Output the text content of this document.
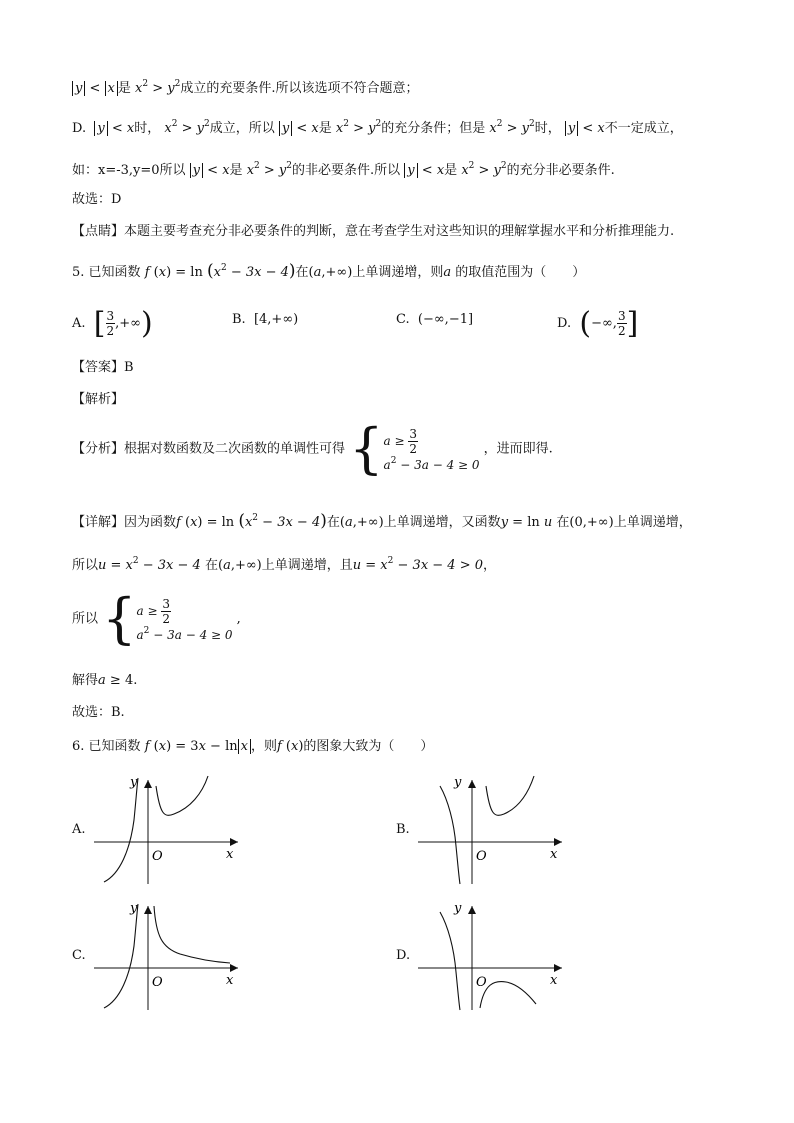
y < x 是 $x^2 > y^2$成立的充要条件.所以该选项不符合题意；
D. y < x时， $x^2 > y^2$成立，所以 y < x是 $x^2 > y^2$的充分条件；但是 $x^2 > y^2$时， y < x不一定成立，
如：x=-3,y=0所以 y < x是 $x^2 > y^2$的非必要条件.所以 y < x是 $x^2 > y^2$的充分非必要条件.
故选：D
【点睛】本题主要考查充分非必要条件的判断，意在考查学生对这些知识的理解掌握水平和分析推理能力.
5. 已知函数 f $(x) = \ln (x^2 - 3x - 4)$在(a,+∞)上单调递增，则a 的取值范围为（　　）
A. [ $\frac{3}{2}$ ,+∞)	B. [4,+∞)	C. (−∞,−1]	D. (−∞, $\frac{3}{2}$ ]
【答案】B
【解析】
【分析】根据对数函数及二次函数的单调性可得 {$a \ge \frac{3}{2}$

$a^2 - 3a - 4 \ge 0$ ，进而即得.
【详解】因为函数f $(x) = \ln (x^2 - 3x - 4)$在(a,+∞)上单调递增，又函数y = ln u 在(0,+∞)上单调递增，
所以$u = x^2 - 3x - 4$ 在(a,+∞)上单调递增，且$u = x^2 - 3x - 4 > 0$，
所以 {$a \ge \frac{3}{2}$

$a^2 - 3a - 4 \ge 0$ ,
解得a ≥ 4.
故选：B.
6. 已知函数 f (x) = 3x − ln x ，则f (x)的图象大致为（　　）
A.
y
O	x
B.
y
O	x
C.
y
O	x
D.
y
O	x
